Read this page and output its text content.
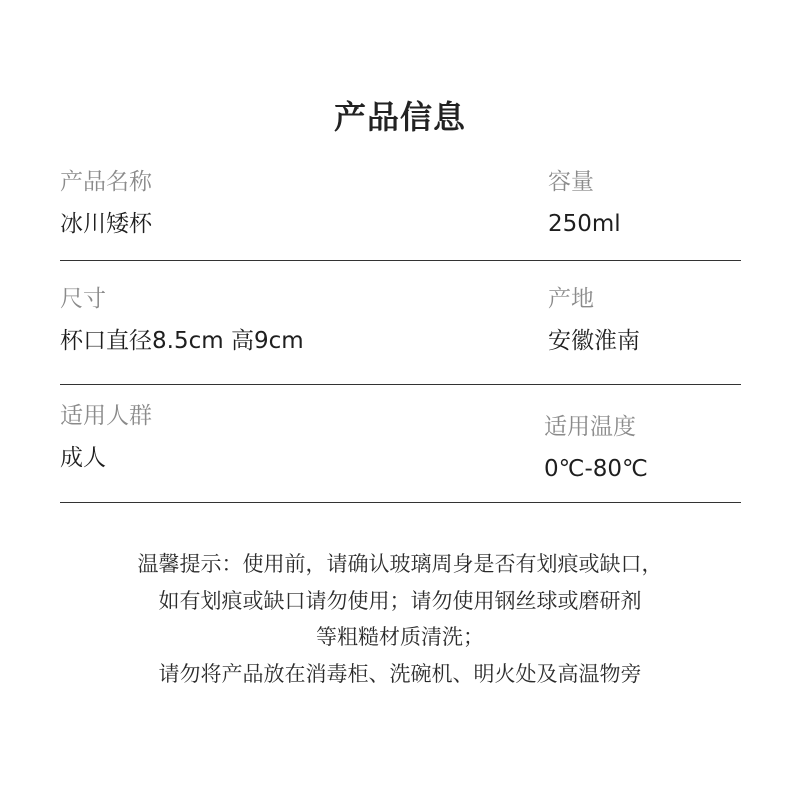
产品信息
产品名称
冰川矮杯
容量
250ml
尺寸
杯口直径8.5cm 高9cm
产地
安徽淮南
适用人群
成人
适用温度
0℃-80℃
温馨提示：使用前，请确认玻璃周身是否有划痕或缺口，
如有划痕或缺口请勿使用；请勿使用钢丝球或磨研剂
等粗糙材质清洗；
请勿将产品放在消毒柜、洗碗机、明火处及高温物旁
